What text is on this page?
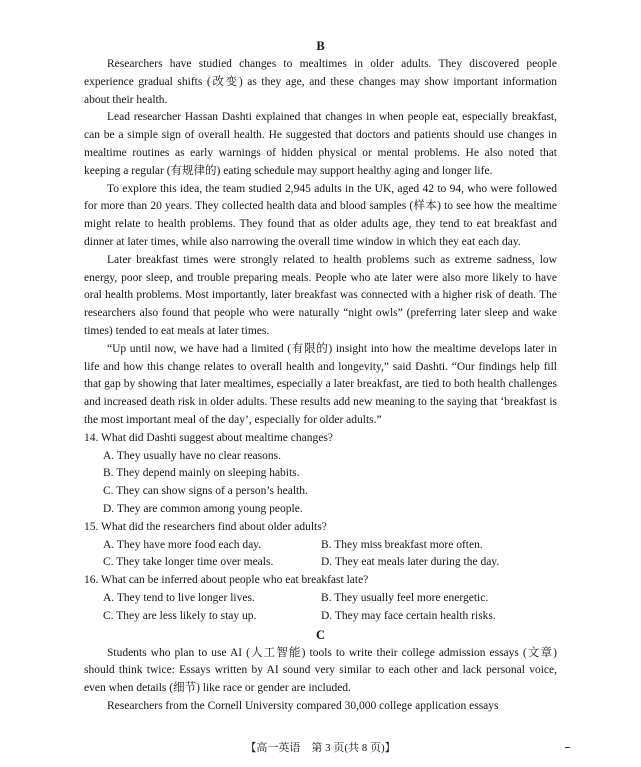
B

Researchers have studied changes to mealtimes in older adults. They discovered people experience gradual shifts (改变) as they age, and these changes may show important information about their health.

Lead researcher Hassan Dashti explained that changes in when people eat, especially breakfast, can be a simple sign of overall health. He suggested that doctors and patients should use changes in mealtime routines as early warnings of hidden physical or mental problems. He also noted that keeping a regular (有规律的) eating schedule may support healthy aging and longer life.

To explore this idea, the team studied 2,945 adults in the UK, aged 42 to 94, who were followed for more than 20 years. They collected health data and blood samples (样本) to see how the mealtime might relate to health problems. They found that as older adults age, they tend to eat breakfast and dinner at later times, while also narrowing the overall time window in which they eat each day.

Later breakfast times were strongly related to health problems such as extreme sadness, low energy, poor sleep, and trouble preparing meals. People who ate later were also more likely to have oral health problems. Most importantly, later breakfast was connected with a higher risk of death. The researchers also found that people who were naturally “night owls” (preferring later sleep and wake times) tended to eat meals at later times.

“Up until now, we have had a limited (有限的) insight into how the mealtime develops later in life and how this change relates to overall health and longevity,” said Dashti. “Our findings help fill that gap by showing that later mealtimes, especially a later breakfast, are tied to both health challenges and increased death risk in older adults. These results add new meaning to the saying that ‘breakfast is the most important meal of the day’, especially for older adults.”

14. What did Dashti suggest about mealtime changes?

A. They usually have no clear reasons.

B. They depend mainly on sleeping habits.

C. They can show signs of a person’s health.

D. They are common among young people.

15. What did the researchers find about older adults?

A. They have more food each day.	B. They miss breakfast more often.
C. They take longer time over meals.	D. They eat meals later during the day.

16. What can be inferred about people who eat breakfast late?

A. They tend to live longer lives.	B. They usually feel more energetic.
C. They are less likely to stay up.	D. They may face certain health risks.
C

Students who plan to use AI (人工智能) tools to write their college admission essays (文章) should think twice: Essays written by AI sound very similar to each other and lack personal voice, even when details (细节) like race or gender are included.

Researchers from the Cornell University compared 30,000 college application essays

【高一英语　第 3 页(共 8 页)】
